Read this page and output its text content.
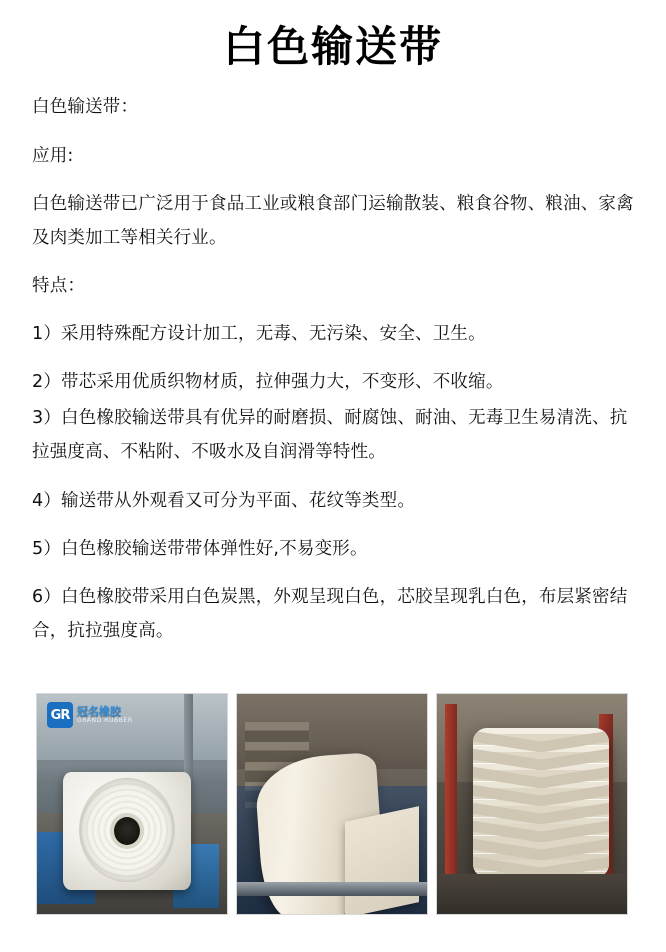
白色输送带

白色输送带：

应用:

白色输送带已广泛用于食品工业或粮食部门运输散装、粮食谷物、粮油、家禽及肉类加工等相关行业。

特点：

1）采用特殊配方设计加工，无毒、无污染、安全、卫生。

2）带芯采用优质织物材质，拉伸强力大，不变形、不收缩。

3）白色橡胶输送带具有优异的耐磨损、耐腐蚀、耐油、无毒卫生易清洗、抗拉强度高、不粘附、不吸水及自润滑等特性。

4）输送带从外观看又可分为平面、花纹等类型。

5）白色橡胶输送带带体弹性好,不易变形。

6）白色橡胶带采用白色炭黑，外观呈现白色，芯胶呈现乳白色，布层紧密结合，抗拉强度高。

GR 冠名橡胶
GRAND RUBBER
